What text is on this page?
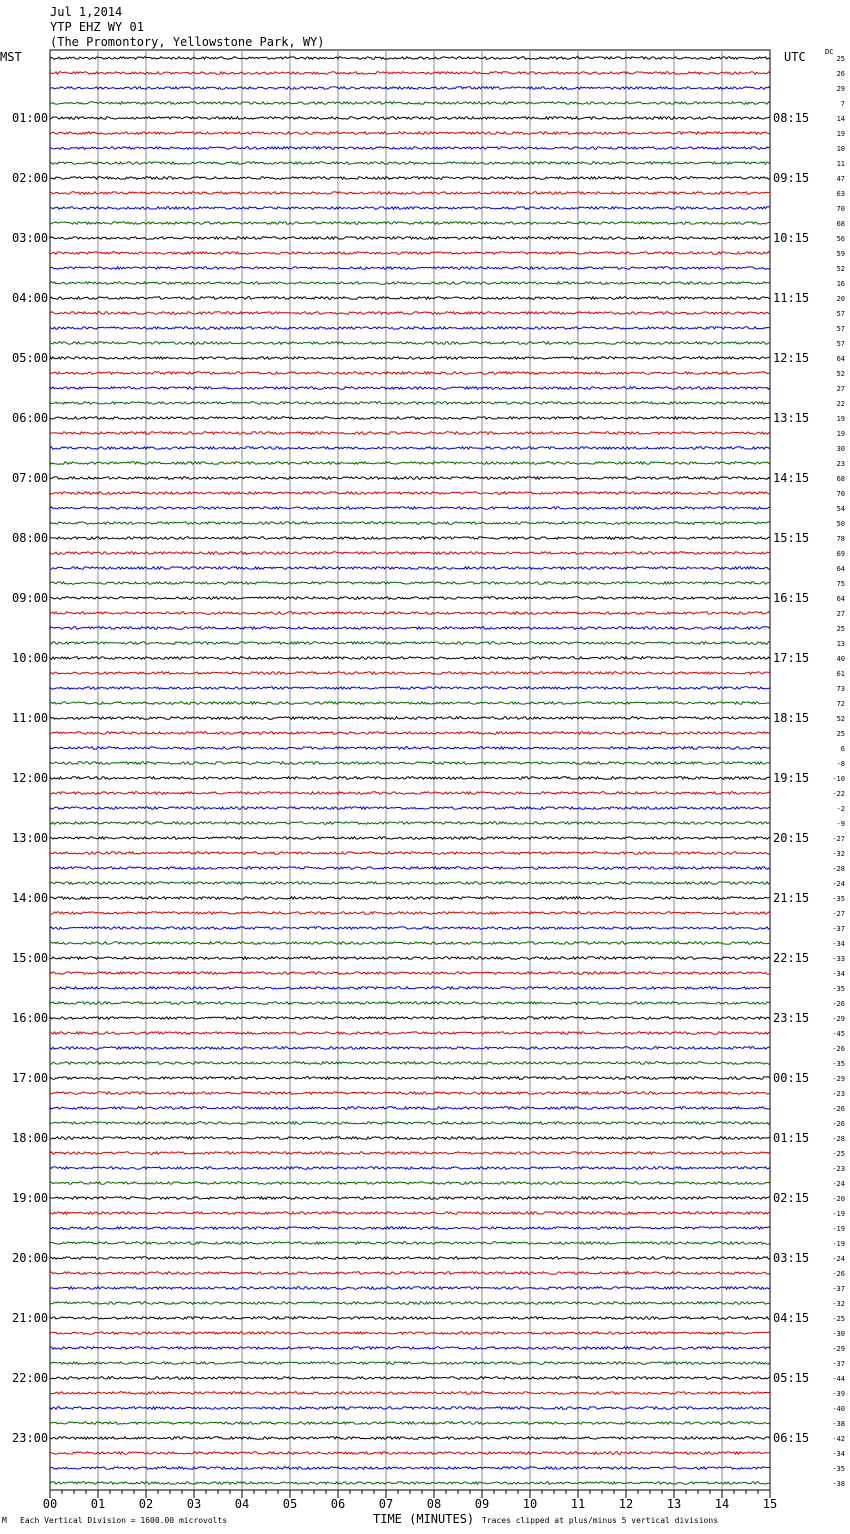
01:00
02:00
03:00
04:00
05:00
06:00
07:00
08:00
09:00
10:00
11:00
12:00
13:00
14:00
15:00
16:00
17:00
18:00
19:00
20:00
21:00
22:00
23:00
08:15
09:15
10:15
11:15
12:15
13:15
14:15
15:15
16:15
17:15
18:15
19:15
20:15
21:15
22:15
23:15
00:15
01:15
02:15
03:15
04:15
05:15
06:15
25
26
29
7
14
19
10
11
47
63
70
68
56
59
52
16
20
57
57
57
64
52
27
22
19
19
30
23
68
70
54
50
78
69
64
75
64
27
25
13
40
61
73
72
52
25
6
-8
-10
-22
-2
-9
-27
-32
-28
-24
-35
-27
-37
-34
-33
-34
-35
-26
-29
-45
-26
-35
-29
-23
-26
-26
-28
-25
-23
-24
-20
-19
-19
-19
-24
-26
-37
-32
-25
-30
-29
-37
-44
-39
-40
-38
-42
-34
-35
-38
00	01	02	03	04	05	06	07	08	09	10	11	12	13	14	15
Jul 1,2014
YTP EHZ WY 01
(The Promontory, Yellowstone Park, WY)
MST	UTC	DC
M Each Vertical Division = 1600.00 microvolts	TIME (MINUTES) Traces clipped at plus/minus 5 vertical divisions
